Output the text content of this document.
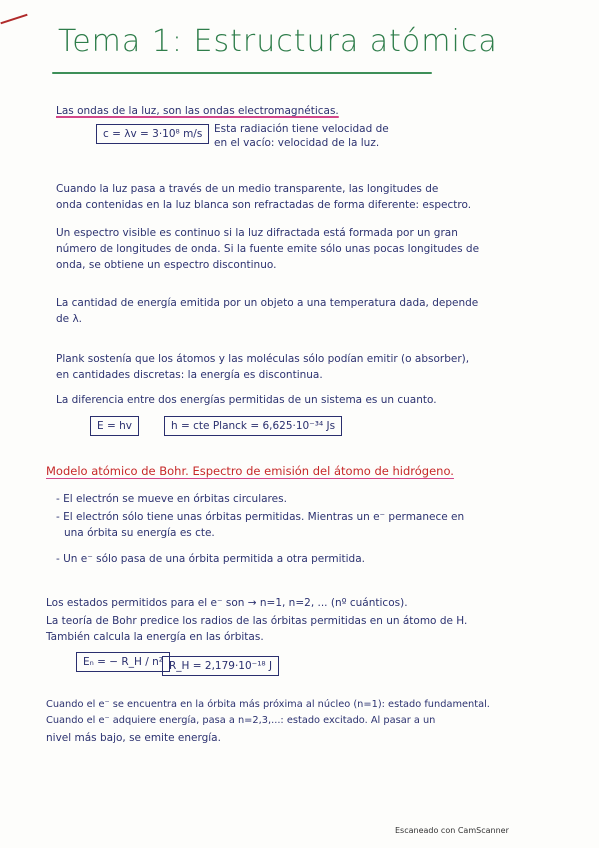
Tema 1: Estructura atómica
Las ondas de la luz, son las ondas electromagnéticas.
c = λv = 3·10⁸ m/s	Esta radiación tiene velocidad de
en el vacío: velocidad de la luz.
Cuando la luz pasa a través de un medio transparente, las longitudes de
onda contenidas en la luz blanca son refractadas de forma diferente: espectro.
Un espectro visible es continuo si la luz difractada está formada por un gran
número de longitudes de onda. Si la fuente emite sólo unas pocas longitudes de
onda, se obtiene un espectro discontinuo.
La cantidad de energía emitida por un objeto a una temperatura dada, depende
de λ.
Plank sostenía que los átomos y las moléculas sólo podían emitir (o absorber),
en cantidades discretas: la energía es discontinua.
La diferencia entre dos energías permitidas de un sistema es un cuanto.
E = hv	h = cte Planck = 6,625·10⁻³⁴ Js
Modelo atómico de Bohr. Espectro de emisión del átomo de hidrógeno.
- El electrón se mueve en órbitas circulares.
- El electrón sólo tiene unas órbitas permitidas. Mientras un e⁻ permanece en
una órbita su energía es cte.
- Un e⁻ sólo pasa de una órbita permitida a otra permitida.
Los estados permitidos para el e⁻ son → n=1, n=2, ... (nº cuánticos).
La teoría de Bohr predice los radios de las órbitas permitidas en un átomo de H.
También calcula la energía en las órbitas.
Eₙ = − R_H / n² R_H = 2,179·10⁻¹⁸ J
Cuando el e⁻ se encuentra en la órbita más próxima al núcleo (n=1): estado fundamental.
Cuando el e⁻ adquiere energía, pasa a n=2,3,...: estado excitado. Al pasar a un
nivel más bajo, se emite energía.
Escaneado con CamScanner
